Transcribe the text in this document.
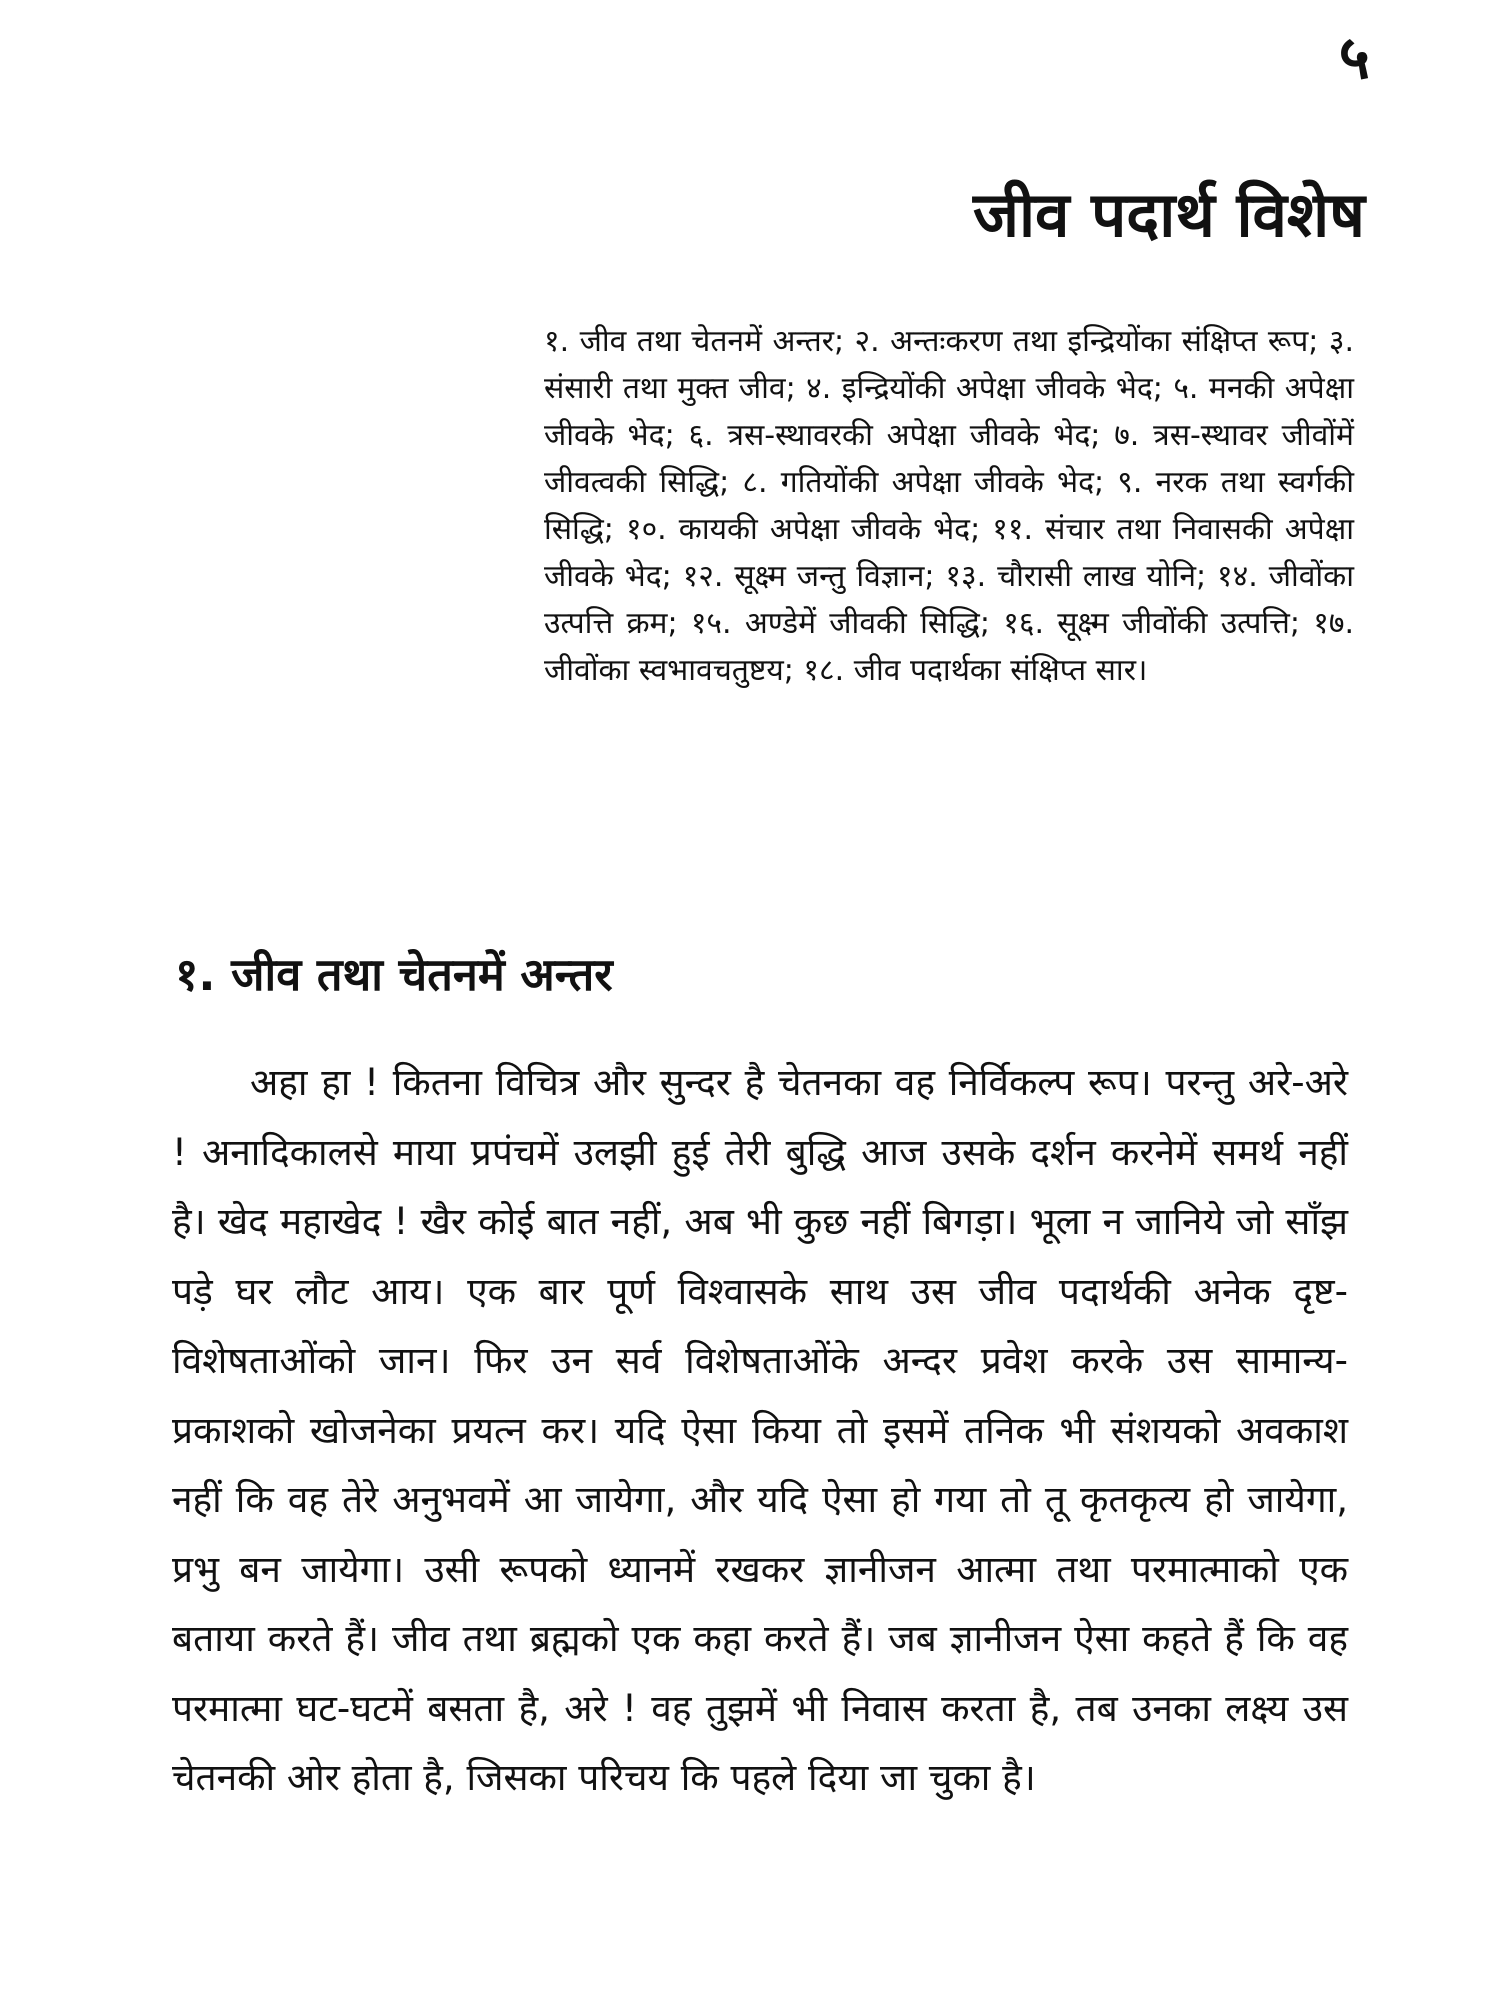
५
जीव पदार्थ विशेष

१. जीव तथा चेतनमें अन्तर; २. अन्तःकरण तथा इन्द्रियोंका संक्षिप्त रूप; ३. संसारी तथा मुक्त जीव; ४. इन्द्रियोंकी अपेक्षा जीवके भेद; ५. मनकी अपेक्षा जीवके भेद; ६. त्रस-स्थावरकी अपेक्षा जीवके भेद; ७. त्रस-स्थावर जीवोंमें जीवत्वकी सिद्धि; ८. गतियोंकी अपेक्षा जीवके भेद; ९. नरक तथा स्वर्गकी सिद्धि; १०. कायकी अपेक्षा जीवके भेद; ११. संचार तथा निवासकी अपेक्षा जीवके भेद; १२. सूक्ष्म जन्तु विज्ञान; १३. चौरासी लाख योनि; १४. जीवोंका उत्पत्ति क्रम; १५. अण्डेमें जीवकी सिद्धि; १६. सूक्ष्म जीवोंकी उत्पत्ति; १७. जीवोंका स्वभावचतुष्टय; १८. जीव पदार्थका संक्षिप्त सार।

१. जीव तथा चेतनमें अन्तर

अहा हा ! कितना विचित्र और सुन्दर है चेतनका वह निर्विकल्प रूप। परन्तु अरे-अरे ! अनादिकालसे माया प्रपंचमें उलझी हुई तेरी बुद्धि आज उसके दर्शन करनेमें समर्थ नहीं है। खेद महाखेद ! खैर कोई बात नहीं, अब भी कुछ नहीं बिगड़ा। भूला न जानिये जो साँझ पड़े घर लौट आय। एक बार पूर्ण विश्वासके साथ उस जीव पदार्थकी अनेक दृष्ट-विशेषताओंको जान। फिर उन सर्व विशेषताओंके अन्दर प्रवेश करके उस सामान्य-प्रकाशको खोजनेका प्रयत्न कर। यदि ऐसा किया तो इसमें तनिक भी संशयको अवकाश नहीं कि वह तेरे अनुभवमें आ जायेगा, और यदि ऐसा हो गया तो तू कृतकृत्य हो जायेगा, प्रभु बन जायेगा। उसी रूपको ध्यानमें रखकर ज्ञानीजन आत्मा तथा परमात्माको एक बताया करते हैं। जीव तथा ब्रह्मको एक कहा करते हैं। जब ज्ञानीजन ऐसा कहते हैं कि वह परमात्मा घट-घटमें बसता है, अरे ! वह तुझमें भी निवास करता है, तब उनका लक्ष्य उस चेतनकी ओर होता है, जिसका परिचय कि पहले दिया जा चुका है।
